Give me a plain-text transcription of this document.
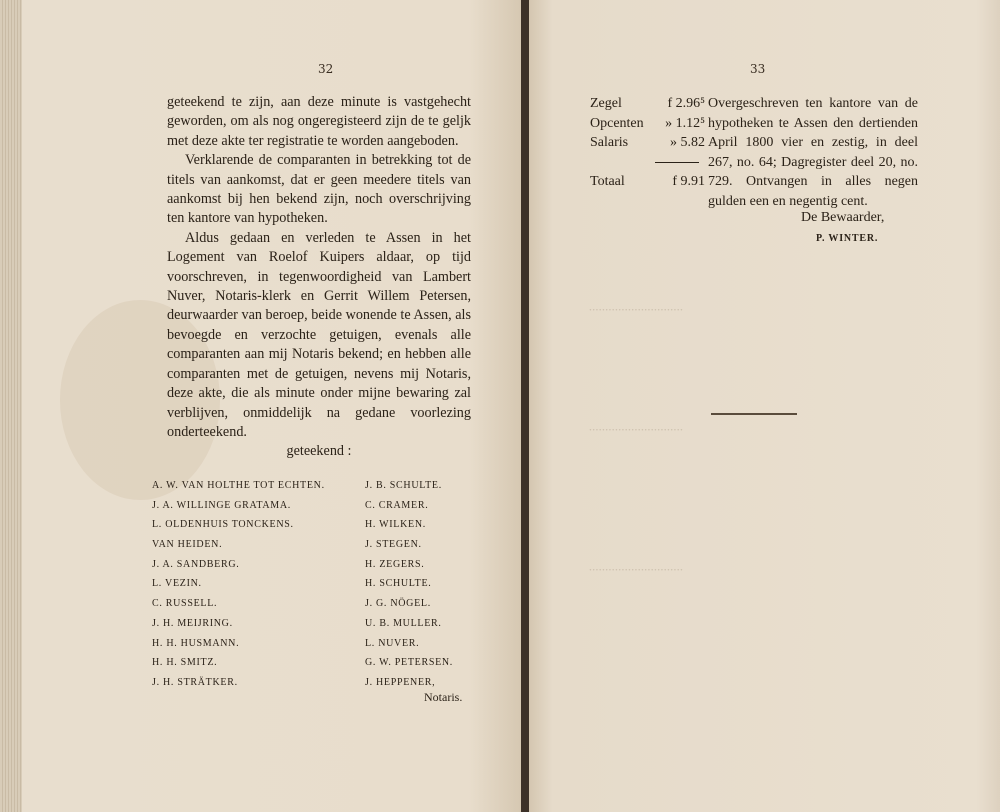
32

geteekend te zijn, aan deze minute is vastgehecht geworden, om als nog ongeregisteerd zijn de te geljk met deze akte ter registratie te worden aangeboden.

Verklarende de comparanten in betrekking tot de titels van aankomst, dat er geen meedere titels van aankomst bij hen bekend zijn, noch overschrijving ten kantore van hypotheken.

Aldus gedaan en verleden te Assen in het Logement van Roelof Kuipers aldaar, op tijd voorschreven, in tegenwoordigheid van Lambert Nuver, Notaris-klerk en Gerrit Willem Petersen, deurwaarder van beroep, beide wonende te Assen, als bevoegde en verzochte getuigen, evenals alle comparanten aan mij Notaris bekend; en hebben alle comparanten met de getuigen, nevens mij Notaris, deze akte, die als minute onder mijne bewaring zal verblijven, onmiddelijk na gedane voorlezing onderteekend.

geteekend :

A. W. VAN HOLTHE TOT ECHTEN.	J. B. SCHULTE.
J. A. WILLINGE GRATAMA.	C. CRAMER.
L. OLDENHUIS TONCKENS.	H. WILKEN.
VAN HEIDEN.	J. STEGEN.
J. A. SANDBERG.	H. ZEGERS.
L. VEZIN.	H. SCHULTE.
C. RUSSELL.	J. G. NÖGEL.
J. H. MEIJRING.	U. B. MULLER.
H. H. HUSMANN.	L. NUVER.
H. H. SMITZ.	G. W. PETERSEN.
J. H. STRÄTKER.	J. HEPPENER,
Notaris.
33
·····························
·····························
·····························
Zegel	f 2.96⁵
Opcenten » 1.12⁵
Salaris	» 5.82
Totaal	f 9.91

Overgeschreven ten kantore van de hypotheken te Assen den dertienden April 1800 vier en zestig, in deel 267, no. 64; Dagregister deel 20, no. 729. Ontvangen in alles negen gulden een en negentig cent.

De Bewaarder,
P. WINTER.
